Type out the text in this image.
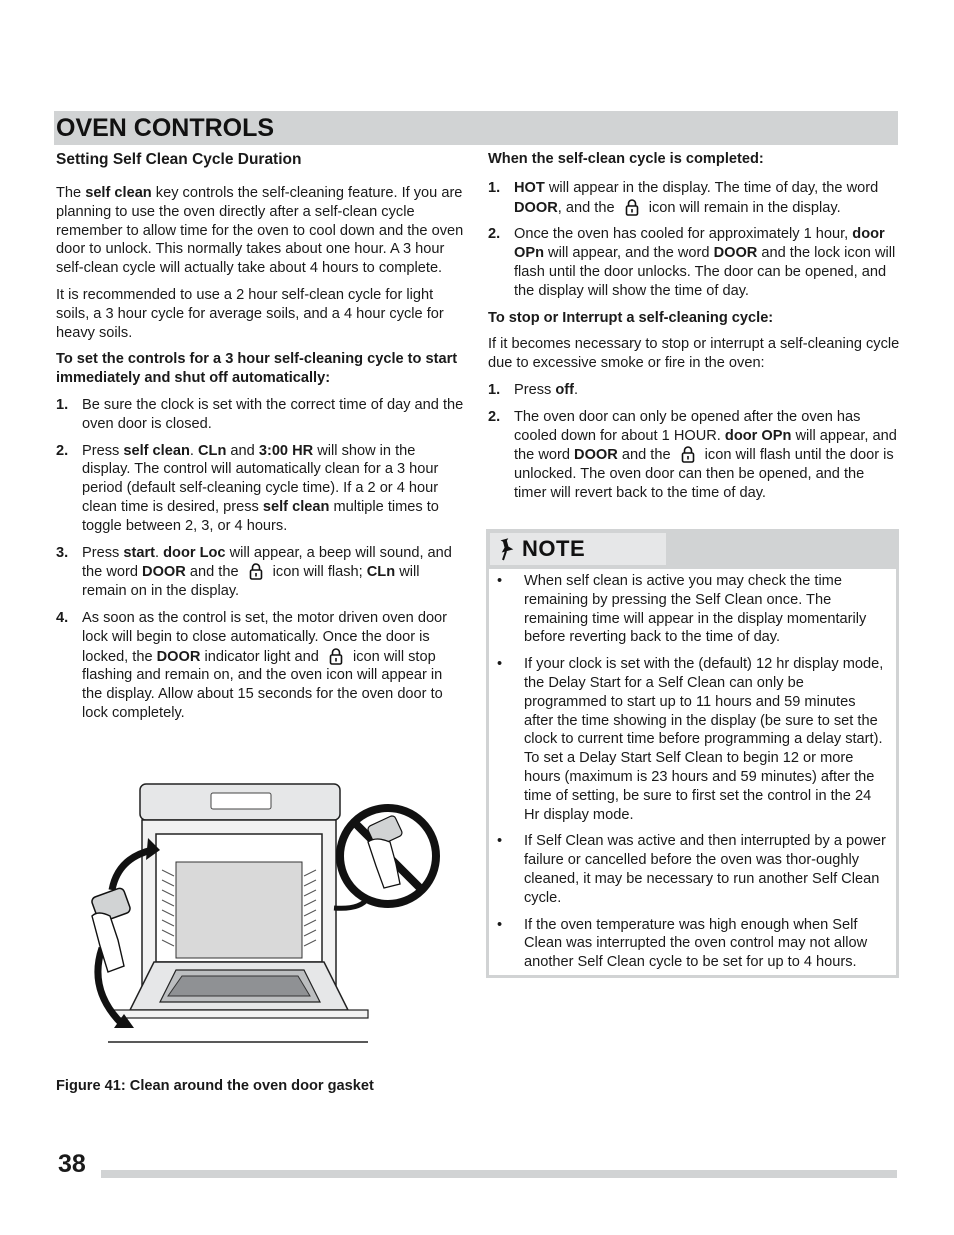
OVEN CONTROLS
Setting Self Clean Cycle Duration

The self clean key controls the self-cleaning feature. If you are planning to use the oven directly after a self-clean cycle remember to allow time for the oven to cool down and the oven door to unlock. This normally takes about one hour. A 3 hour self-clean cycle will actually take about 4 hours to complete.

It is recommended to use a 2 hour self-clean cycle for light soils, a 3 hour cycle for average soils, and a 4 hour cycle for heavy soils.

To set the controls for a 3 hour self-cleaning cycle to start immediately and shut off automatically:

1. Be sure the clock is set with the correct time of day and the oven door is closed.
2. Press self clean. CLn and 3:00 HR will show in the display. The control will automatically clean for a 3 hour period (default self-cleaning cycle time). If a 2 or 4 hour clean time is desired, press self clean multiple times to toggle between 2, 3, or 4 hours.
3. Press start. door Loc will appear, a beep will sound, and the word DOOR and the
icon will flash; CLn will remain on in the display.
4. As soon as the control is set, the motor driven oven door lock will begin to close automatically. Once the door is locked, the DOOR indicator light and
icon will stop flashing and remain on, and the oven icon will appear in the display. Allow about 15 seconds for the oven door to lock completely.
Figure 41: Clean around the oven door gasket

When the self-clean cycle is completed:

1. HOT will appear in the display. The time of day, the word DOOR, and the
icon will remain in the display.
2. Once the oven has cooled for approximately 1 hour, door OPn will appear, and the word DOOR and the lock icon will flash until the door unlocks. The door can be opened, and the display will show the time of day.

To stop or Interrupt a self-cleaning cycle:

If it becomes necessary to stop or interrupt a self-cleaning cycle due to excessive smoke or fire in the oven:

1. Press off.
2. The oven door can only be opened after the oven has cooled down for about 1 HOUR. door OPn will appear, and the word DOOR and the
icon will flash until the door is unlocked. The oven door can then be opened, and the timer will revert back to the time of day.
NOTE
•	When self clean is active you may check the time remaining by pressing the Self Clean once. The remaining time will appear in the display momentarily before reverting back to the time of day.
•	If your clock is set with the (default) 12 hr display mode, the Delay Start for a Self Clean can only be programmed to start up to 11 hours and 59 minutes after the time showing in the display (be sure to set the clock to current time before programming a delay start). To set a Delay Start Self Clean to begin 12 or more hours (maximum is 23 hours and 59 minutes) after the time of setting, be sure to first set the control in the 24 Hr display mode.
•	If Self Clean was active and then interrupted by a power failure or cancelled before the oven was thor-oughly cleaned, it may be necessary to run another Self Clean cycle.
•	If the oven temperature was high enough when Self Clean was interrupted the oven control may not allow another Self Clean cycle to be set for up to 4 hours.
38
